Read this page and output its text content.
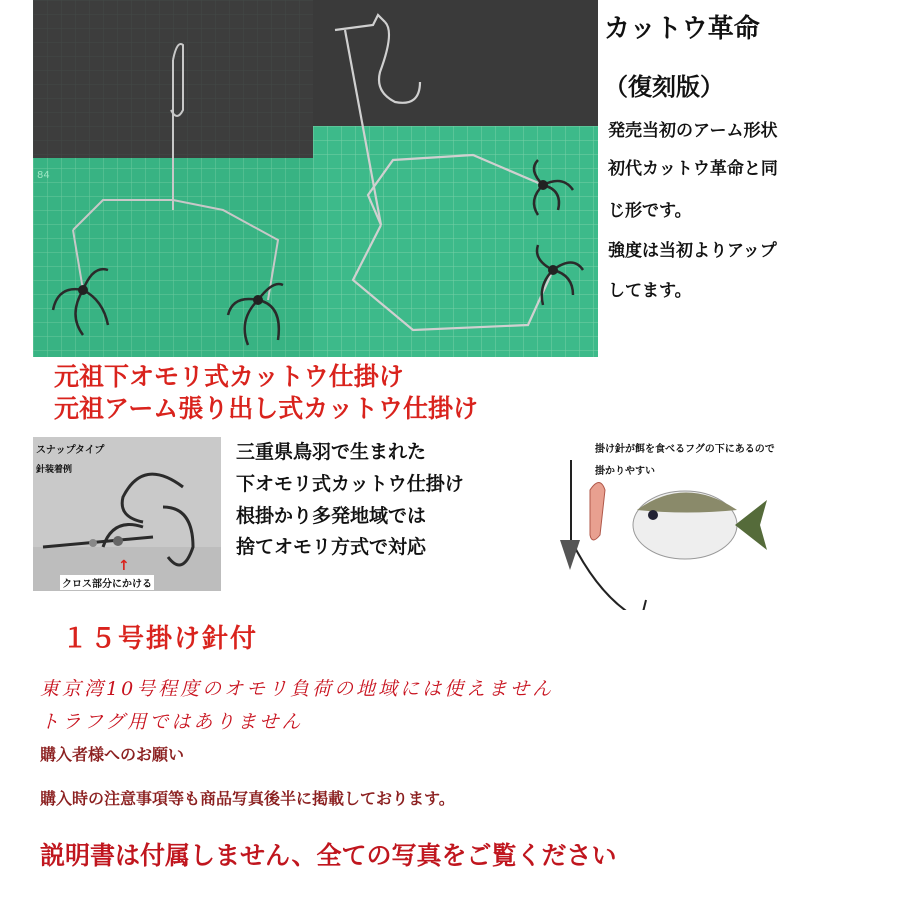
84
カットウ革命
（復刻版）
発売当初のアーム形状
初代カットウ革命と同
じ形です。
強度は当初よりアップ
してます。
元祖下オモリ式カットウ仕掛け
元祖アーム張り出し式カットウ仕掛け
スナップタイプ
針装着例
↑
クロス部分にかける
三重県鳥羽で生まれた
下オモリ式カットウ仕掛け
根掛かり多発地域では
捨てオモリ方式で対応
掛け針が餌を食べるフグの下にあるので
掛かりやすい
１５号掛け針付
東京湾10号程度のオモリ負荷の地域には使えません
トラフグ用ではありません
購入者様へのお願い
購入時の注意事項等も商品写真後半に掲載しております。
説明書は付属しません、全ての写真をご覧ください
